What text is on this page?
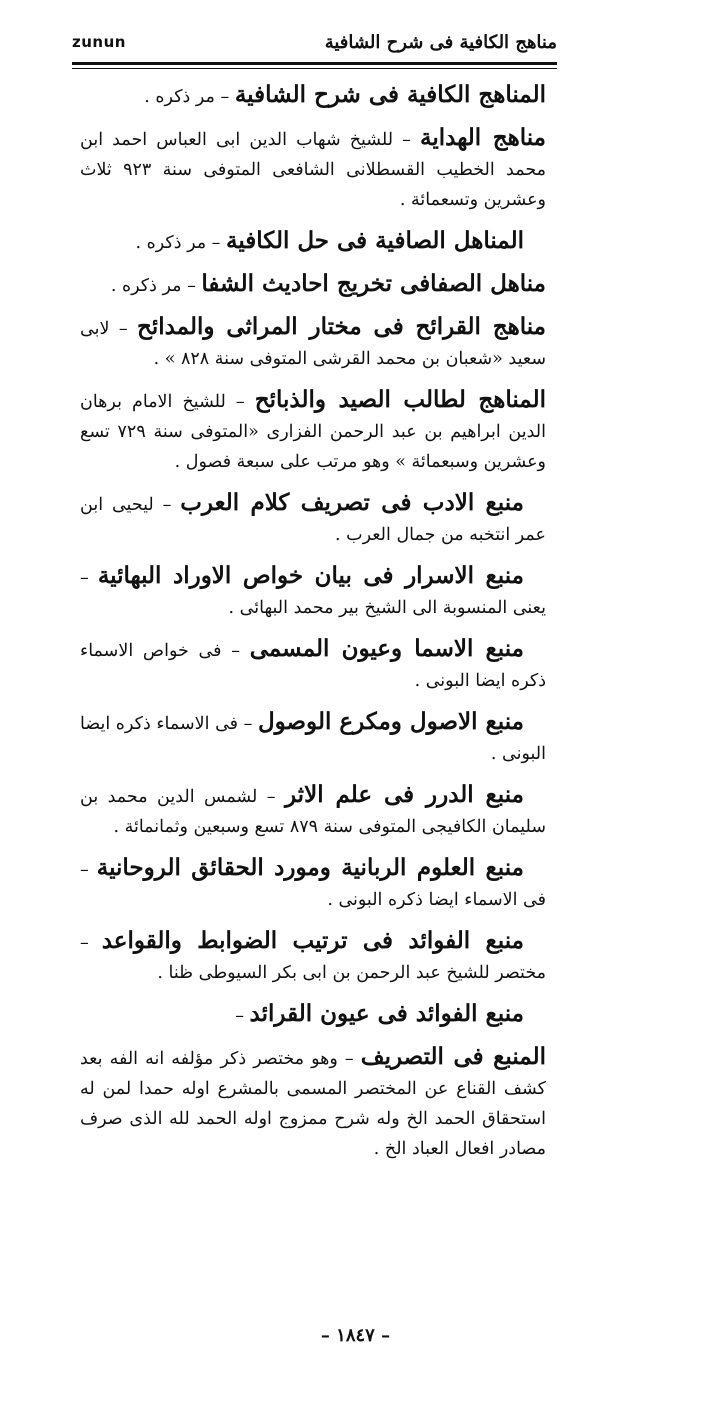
zunun	مناهج الكافية فى شرح الشافية

المناهج الكافية فى شرح الشافية – مر ذكره .

مناهج الهداية – للشيخ شهاب الدين ابى العباس احمد ابن محمد الخطيب القسطلانى الشافعى المتوفى سنة ٩٢٣ ثلاث وعشرين وتسعمائة .

المناهل الصافية فى حل الكافية – مر ذكره .

مناهل الصفافى تخريج احاديث الشفا – مر ذكره .

مناهج القرائح فى مختار المراثى والمدائح – لابى سعيد «شعبان بن محمد القرشى المتوفى سنة ٨٢٨ » .

المناهج لطالب الصيد والذبائح – للشيخ الامام برهان الدين ابراهيم بن عبد الرحمن الفزارى «المتوفى سنة ٧٢٩ تسع وعشرين وسبعمائة » وهو مرتب على سبعة فصول .

منبع الادب فى تصريف كلام العرب – ليحيى ابن عمر انتخبه من جمال العرب .

منبع الاسرار فى بيان خواص الاوراد البهائية – يعنى المنسوبة الى الشيخ بير محمد البهائى .

منبع الاسما وعيون المسمى – فى خواص الاسماء ذكره ايضا البونى .

منبع الاصول ومكرع الوصول – فى الاسماء ذكره ايضا البونى .

منبع الدرر فى علم الاثر – لشمس الدين محمد بن سليمان الكافيجى المتوفى سنة ٨٧٩ تسع وسبعين وثمانمائة .

منبع العلوم الربانية ومورد الحقائق الروحانية – فى الاسماء ايضا ذكره البونى .

منبع الفوائد فى ترتيب الضوابط والقواعد – مختصر للشيخ عبد الرحمن بن ابى بكر السيوطى ظنا .

منبع الفوائد فى عيون القرائد –

المنبع فى التصريف – وهو مختصر ذكر مؤلفه انه الفه بعد كشف القناع عن المختصر المسمى بالمشرع اوله حمدا لمن له استحقاق الحمد الخ وله شرح ممزوج اوله الحمد لله الذى صرف مصادر افعال العباد الخ .

– ١٨٤٧ –
